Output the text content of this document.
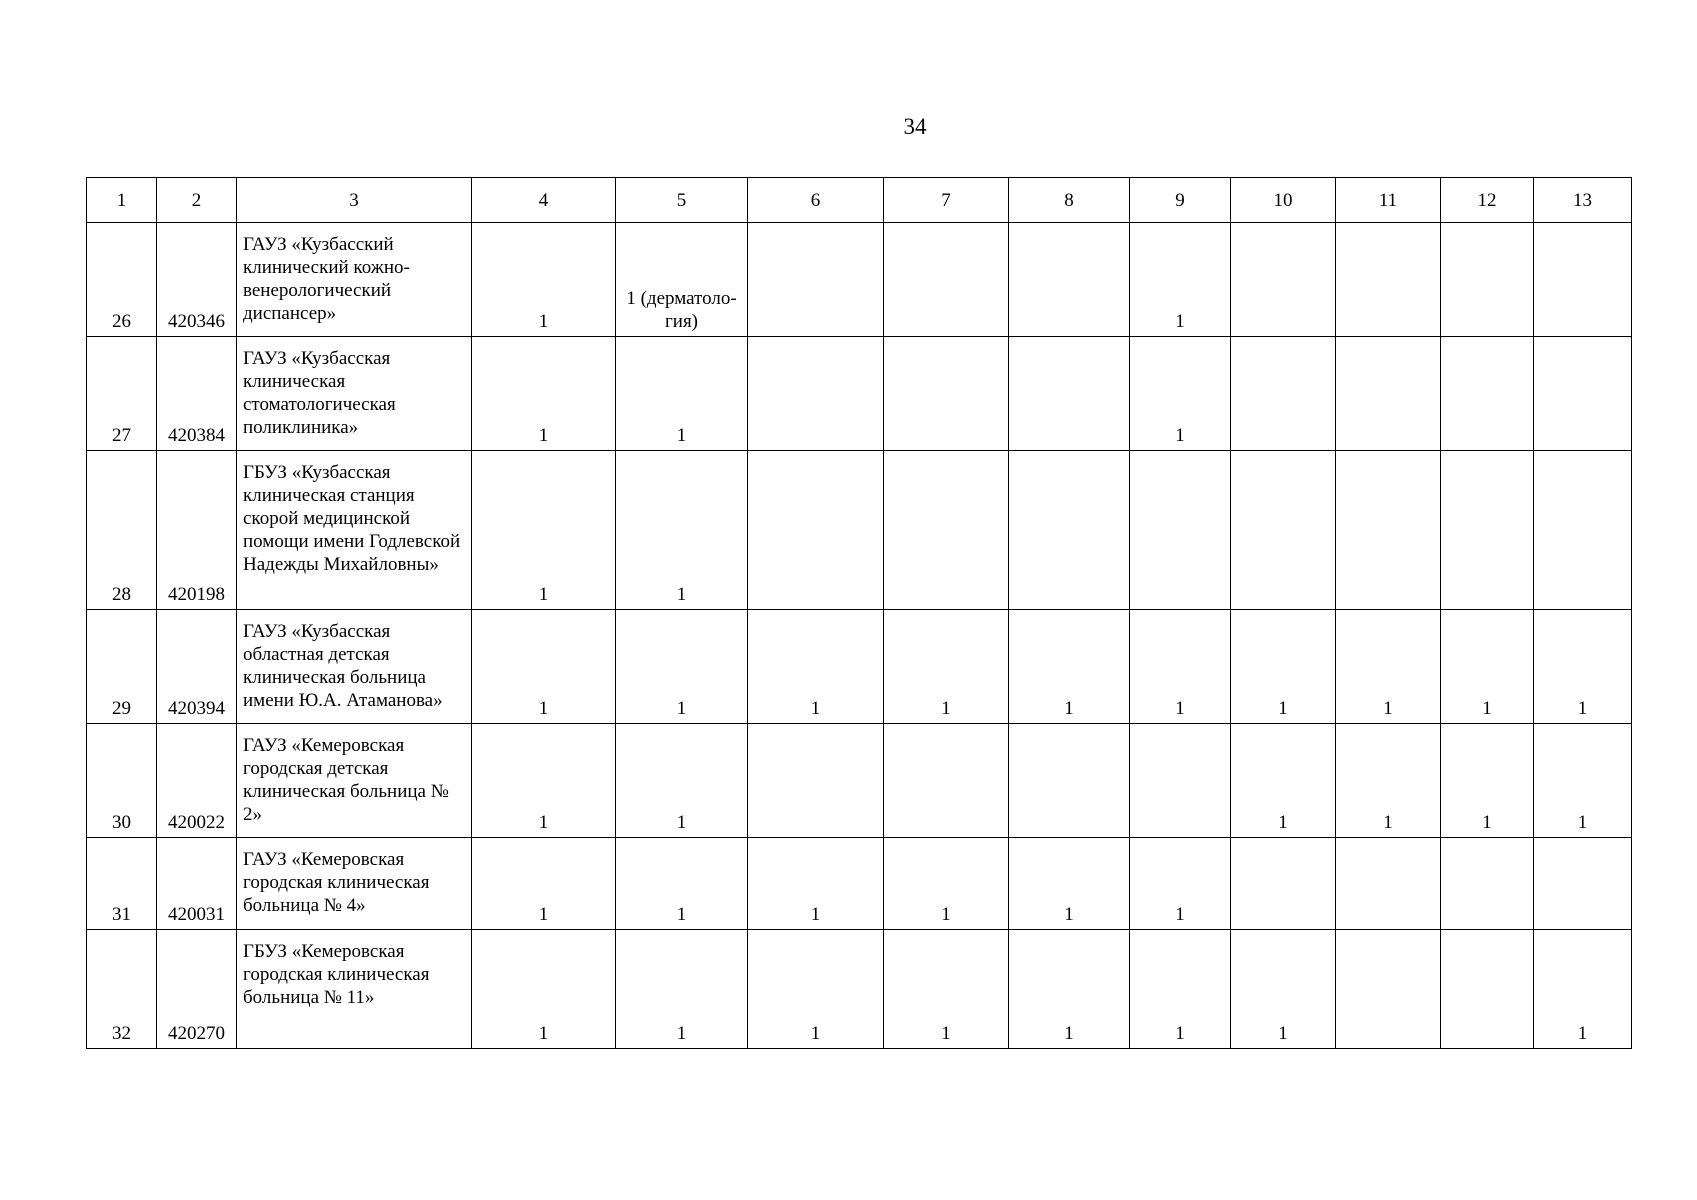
34
1	2	3	4	5	6	7	8	9	10	11	12	13
26	420346	ГАУЗ «Кузбасский клинический кожно-венерологический диспансер»	1	1 (дерматоло-гия)				1				
27	420384	ГАУЗ «Кузбасская клиническая стоматологическая поликлиника»	1	1				1				
28	420198	ГБУЗ «Кузбасская клиническая станция скорой медицинской помощи имени Годлевской Надежды Михайловны»	1	1								
29	420394	ГАУЗ «Кузбасская областная детская клиническая больница имени Ю.А. Атаманова»	1	1	1	1	1	1	1	1	1	1
30	420022	ГАУЗ «Кемеровская городская детская клиническая больница № 2»	1	1					1	1	1	1
31	420031	ГАУЗ «Кемеровская городская клиническая больница № 4»	1	1	1	1	1	1				
32	420270	ГБУЗ «Кемеровская городская клиническая больница № 11»	1	1	1	1	1	1	1			1
